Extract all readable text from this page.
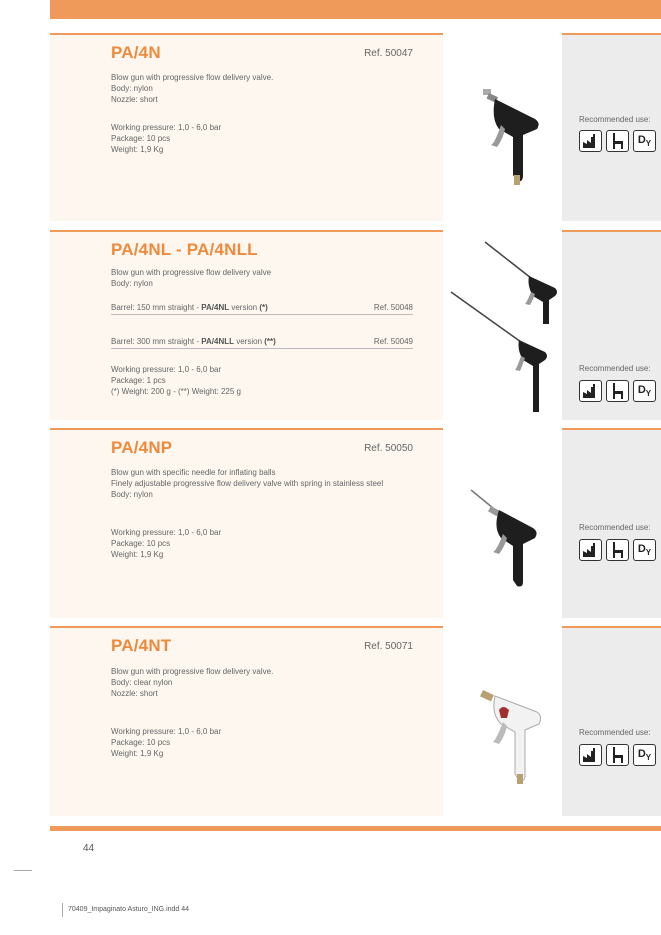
PA/4N	Ref. 50047
Blow gun with progressive flow delivery valve.
Body: nylon
Nozzle: short
Working pressure: 1,0 - 6,0 bar
Package: 10 pcs
Weight: 1,9 Kg
Recommended use:
$D_Y$
PA/4NL - PA/4NLL
Blow gun with progressive flow delivery valve
Body: nylon
Barrel: 150 mm straight - PA/4NL version (*)	Ref. 50048
Barrel: 300 mm straight - PA/4NLL version (**)	Ref. 50049
Working pressure: 1,0 - 6,0 bar
Package: 1 pcs
(*) Weight: 200 g - (**) Weight: 225 g
Recommended use:
$D_Y$
PA/4NP	Ref. 50050
Blow gun with specific needle for inflating balls
Finely adjustable progressive flow delivery valve with spring in stainless steel
Body: nylon
Working pressure: 1,0 - 6,0 bar
Package: 10 pcs
Weight: 1,9 Kg
Recommended use:
$D_Y$
PA/4NT	Ref. 50071
Blow gun with progressive flow delivery valve.
Body: clear nylon
Nozzle: short
Working pressure: 1,0 - 6,0 bar
Package: 10 pcs
Weight: 1,9 Kg
Recommended use:
$D_Y$
44
70409_Impaginato Asturo_ING.indd 44
